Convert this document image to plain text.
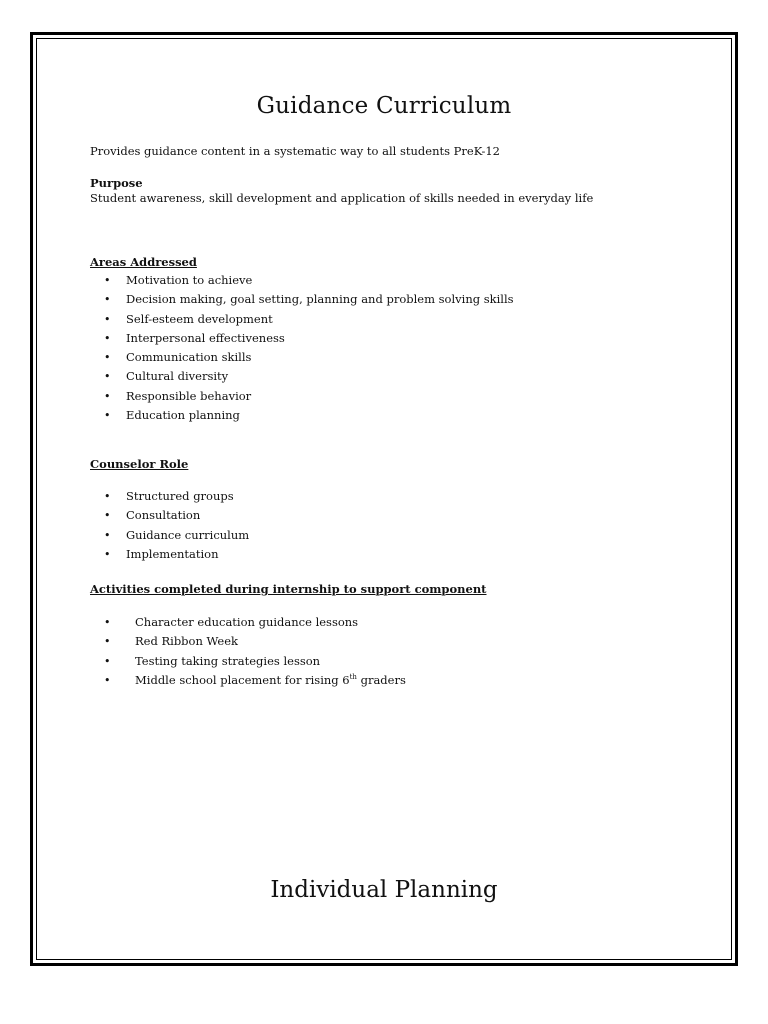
Guidance Curriculum
Provides guidance content in a systematic way to all students PreK-12
Purpose
Student awareness, skill development and application of skills needed in everyday life
Areas Addressed
• Motivation to achieve
• Decision making, goal setting, planning and problem solving skills
• Self-esteem development
• Interpersonal effectiveness
• Communication skills
• Cultural diversity
• Responsible behavior
• Education planning
Counselor Role
• Structured groups
• Consultation
• Guidance curriculum
• Implementation
Activities completed during internship to support component
• Character education guidance lessons
• Red Ribbon Week
• Testing taking strategies lesson
• Middle school placement for rising 6th graders
Individual Planning
